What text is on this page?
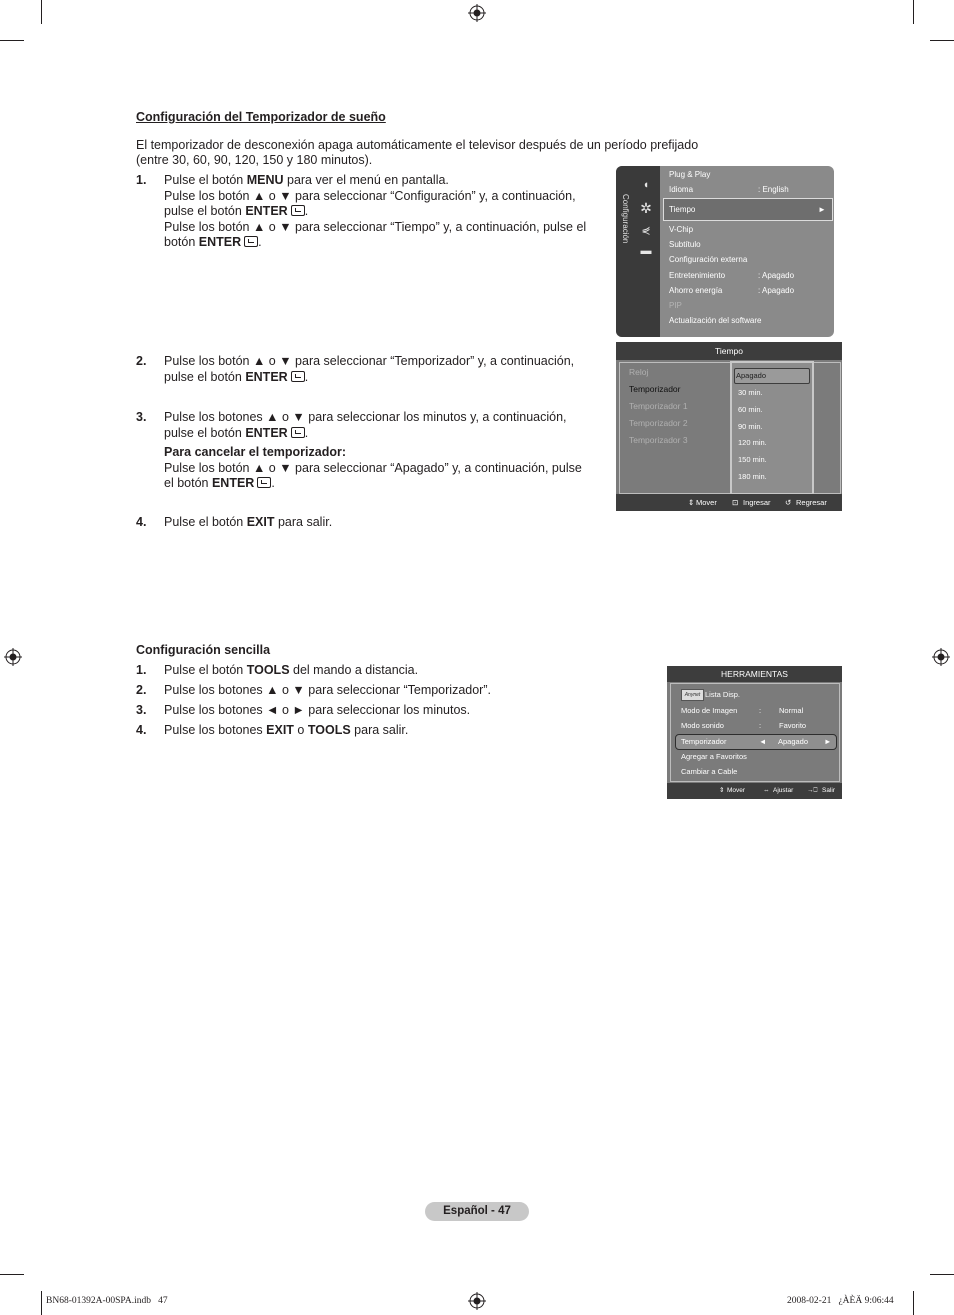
Configuración del Temporizador de sueño
El temporizador de desconexión apaga automáticamente el televisor después de un período prefijado
(entre 30, 60, 90, 120, 150 y 180 minutos).
1. Pulse el botón MENU para ver el menú en pantalla.
Pulse los botón ▲ o ▼ para seleccionar “Configuración” y, a continuación,
pulse el botón ENTER .
Pulse los botón ▲ o ▼ para seleccionar “Tiempo” y, a continuación, pulse el
botón ENTER .
2. Pulse los botón ▲ o ▼ para seleccionar “Temporizador” y, a continuación,
pulse el botón ENTER .
3. Pulse los botones ▲ o ▼ para seleccionar los minutos y, a continuación,
pulse el botón ENTER .
Para cancelar el temporizador:
Pulse los botón ▲ o ▼ para seleccionar “Apagado” y, a continuación, pulse
el botón ENTER .
4. Pulse el botón EXIT para salir.
Configuración
◖
✲
⋞
▬
Plug & Play
Idioma	: English
Tiempo	►
V-Chip
Subtítulo
Configuración externa
Entretenimiento	: Apagado
Ahorro energía	: Apagado
PIP
Actualización del software
Tiempo
Reloj
Temporizador
Temporizador 1
Temporizador 2
Temporizador 3
Apagado
30 min.
60 min.
90 min.
120 min.
150 min.
180 min.
⇕ Mover ⊡ Ingresar ↺ Regresar
Configuración sencilla
1. Pulse el botón TOOLS del mando a distancia.
2. Pulse los botones ▲ o ▼ para seleccionar “Temporizador”.
3. Pulse los botones ◄ o ► para seleccionar los minutos.
4. Pulse los botones EXIT o TOOLS para salir.
HERRAMIENTAS
Anynet Lista Disp.
Modo de Imagen	: Normal
Modo sonido	: Favorito
Temporizador	◄ Apagado ►
Agregar a Favoritos
Cambiar a Cable
⇕ Mover	⇔ Ajustar →⎕ Salir
Español - 47
BN68-01392A-00SPA.indb   47	2008-02-21   ¿ÀÈÄ 9:06:44
